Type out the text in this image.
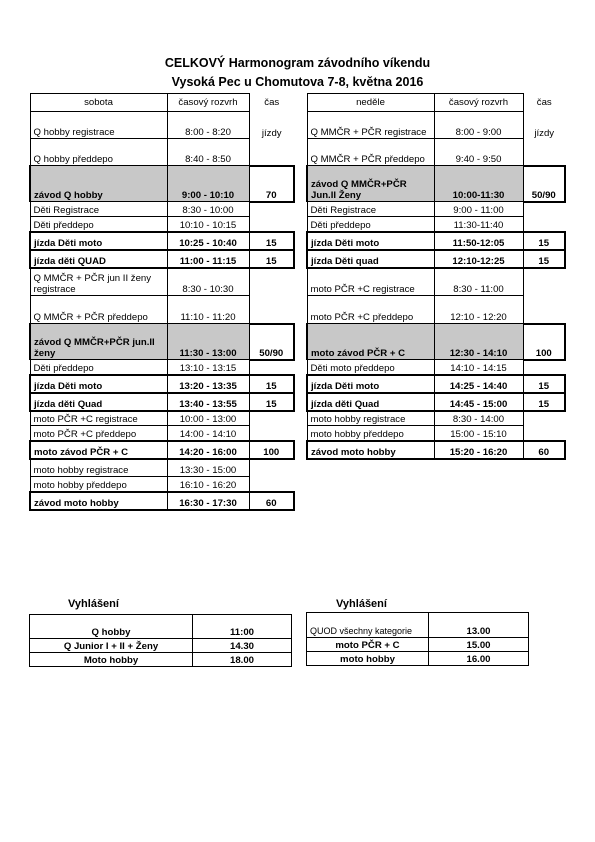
CELKOVÝ Harmonogram závodního víkendu
Vysoká Pec u Chomutova 7-8, května 2016
sobota	časový rozvrh	čas
Q hobby registrace	8:00 - 8:20	jízdy
Q hobby předdepo	8:40 - 8:50	
závod Q hobby	9:00 - 10:10	70
Děti Registrace	8:30 - 10:00	
Děti předdepo	10:10 - 10:15	
jízda Děti moto	10:25 - 10:40	15
jízda děti QUAD	11:00 - 11:15	15
Q MMČR + PČR jun II ženy registrace	8:30 - 10:30	
Q MMČR + PČR předdepo	11:10 - 11:20	
závod Q MMČR+PČR jun.II ženy	11:30 - 13:00	50/90
Děti předdepo	13:10 - 13:15	
jízda Děti moto	13:20 - 13:35	15
jízda děti Quad	13:40 - 13:55	15
moto PČR +C registrace	10:00 - 13:00	
moto PČR +C předdepo	14:00 - 14:10	
moto závod PČR + C	14:20 - 16:00	100
moto hobby registrace	13:30 - 15:00	
moto hobby předdepo	16:10 - 16:20	
závod moto hobby	16:30 - 17:30	60
neděle	časový rozvrh	čas
Q MMČR + PČR registrace	8:00 - 9:00	jízdy
Q MMČR + PČR předdepo	9:40 - 9:50	
závod Q MMČR+PČR Jun.II Ženy	10:00-11:30	50/90
Děti Registrace	9:00 - 11:00	
Děti předdepo	11:30-11:40	
jízda Děti moto	11:50-12:05	15
jízda Děti quad	12:10-12:25	15
moto PČR +C registrace	8:30 - 11:00	
moto PČR +C předdepo	12:10 - 12:20	
moto závod PČR + C	12:30 - 14:10	100
Děti moto předdepo	14:10 - 14:15	
jízda Děti moto	14:25 - 14:40	15
jízda děti Quad	14:45 - 15:00	15
moto hobby registrace	8:30 - 14:00	
moto hobby předdepo	15:00 - 15:10	
závod moto hobby	15:20 - 16:20	60
Vyhlášení
Q hobby	11:00
Q Junior I + II + Ženy	14.30
Moto hobby	18.00
Vyhlášení
QUOD všechny kategorie	13.00
moto PČR + C	15.00
moto hobby	16.00
